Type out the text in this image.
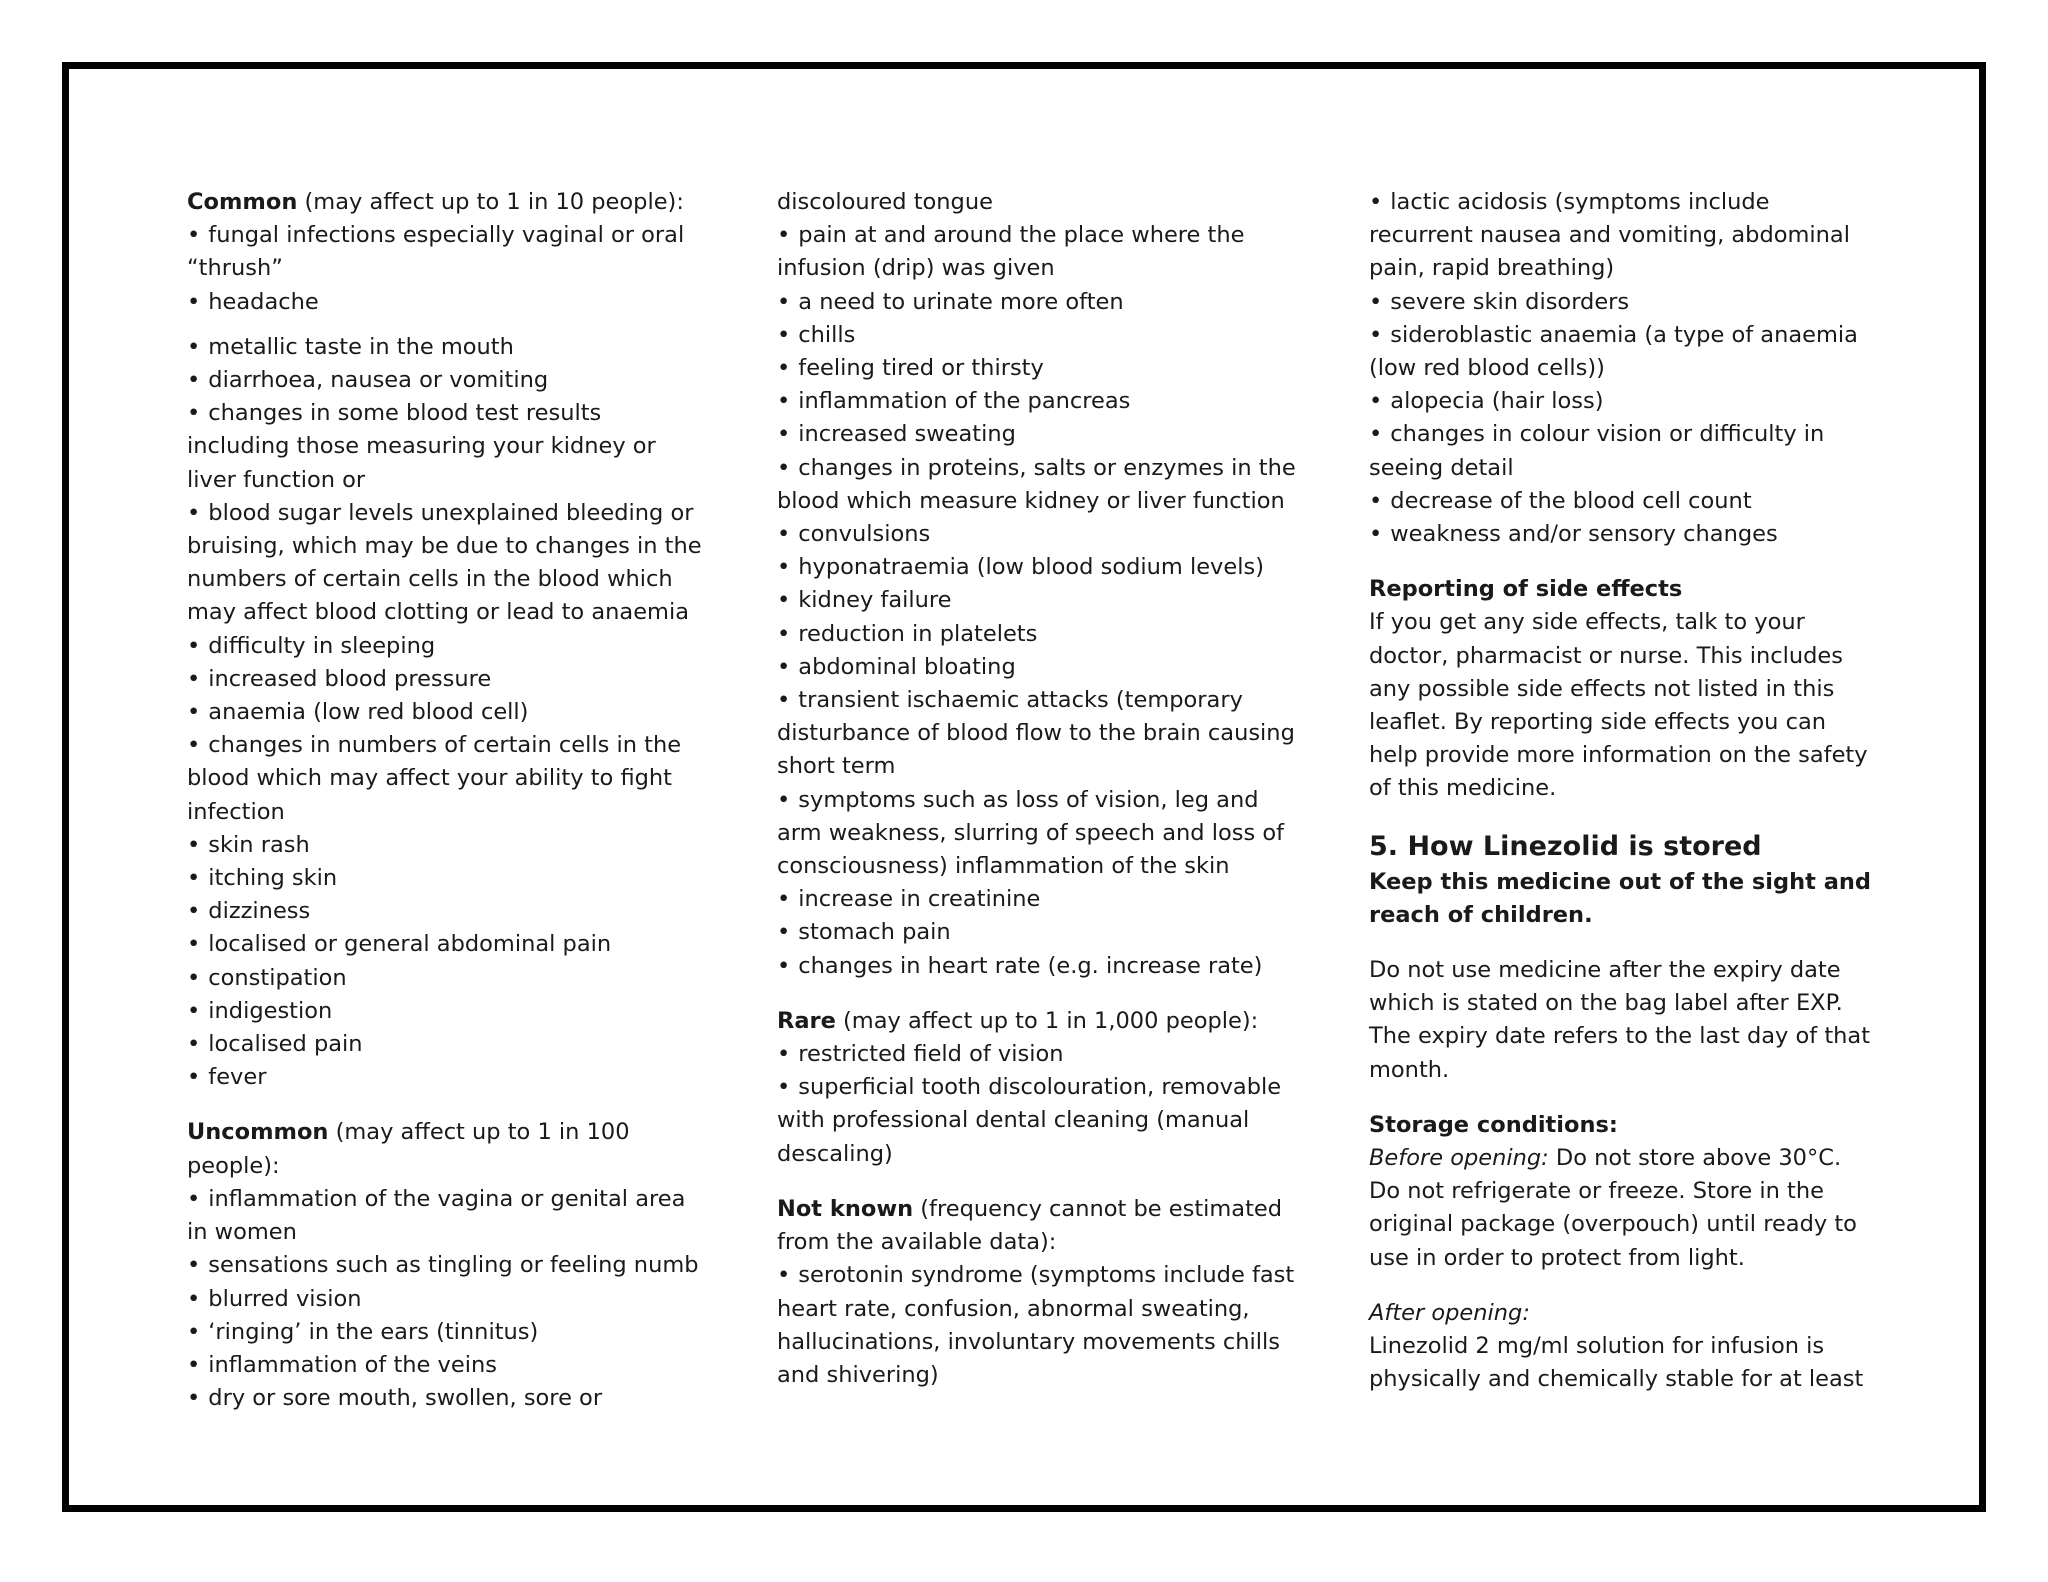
Common (may affect up to 1 in 10 people):

• fungal infections especially vaginal or oral “thrush”

• headache

• metallic taste in the mouth

• diarrhoea, nausea or vomiting

• changes in some blood test results including those measuring your kidney or liver function or

• blood sugar levels unexplained bleeding or bruising, which may be due to changes in the numbers of certain cells in the blood which may affect blood clotting or lead to anaemia

• difficulty in sleeping

• increased blood pressure

• anaemia (low red blood cell)

• changes in numbers of certain cells in the blood which may affect your ability to fight infection

• skin rash

• itching skin

• dizziness

• localised or general abdominal pain

• constipation

• indigestion

• localised pain

• fever

Uncommon (may affect up to 1 in 100 people):

• inflammation of the vagina or genital area in women

• sensations such as tingling or feeling numb

• blurred vision

• ‘ringing’ in the ears (tinnitus)

• inflammation of the veins

• dry or sore mouth, swollen, sore or

discoloured tongue

• pain at and around the place where the infusion (drip) was given

• a need to urinate more often

• chills

• feeling tired or thirsty

• inflammation of the pancreas

• increased sweating

• changes in proteins, salts or enzymes in the blood which measure kidney or liver function

• convulsions

• hyponatraemia (low blood sodium levels)

• kidney failure

• reduction in platelets

• abdominal bloating

• transient ischaemic attacks (temporary disturbance of blood flow to the brain causing short term

• symptoms such as loss of vision, leg and arm weakness, slurring of speech and loss of consciousness) inflammation of the skin

• increase in creatinine

• stomach pain

• changes in heart rate (e.g. increase rate)

Rare (may affect up to 1 in 1,000 people):

• restricted field of vision

• superficial tooth discolouration, removable with professional dental cleaning (manual descaling)

Not known (frequency cannot be estimated from the available data):

• serotonin syndrome (symptoms include fast heart rate, confusion, abnormal sweating, hallucinations, involuntary movements chills and shivering)

• lactic acidosis (symptoms include recurrent nausea and vomiting, abdominal pain, rapid breathing)

• severe skin disorders

• sideroblastic anaemia (a type of anaemia (low red blood cells))

• alopecia (hair loss)

• changes in colour vision or difficulty in seeing detail

• decrease of the blood cell count

• weakness and/or sensory changes

Reporting of side effects

If you get any side effects, talk to your doctor, pharmacist or nurse. This includes any possible side effects not listed in this leaflet. By reporting side effects you can help provide more information on the safety of this medicine.

5. How Linezolid is stored

Keep this medicine out of the sight and reach of children.

Do not use medicine after the expiry date which is stated on the bag label after EXP. The expiry date refers to the last day of that month.

Storage conditions:

Before opening: Do not store above 30°C. Do not refrigerate or freeze. Store in the original package (overpouch) until ready to use in order to protect from light.

After opening:

Linezolid 2 mg/ml solution for infusion is physically and chemically stable for at least
